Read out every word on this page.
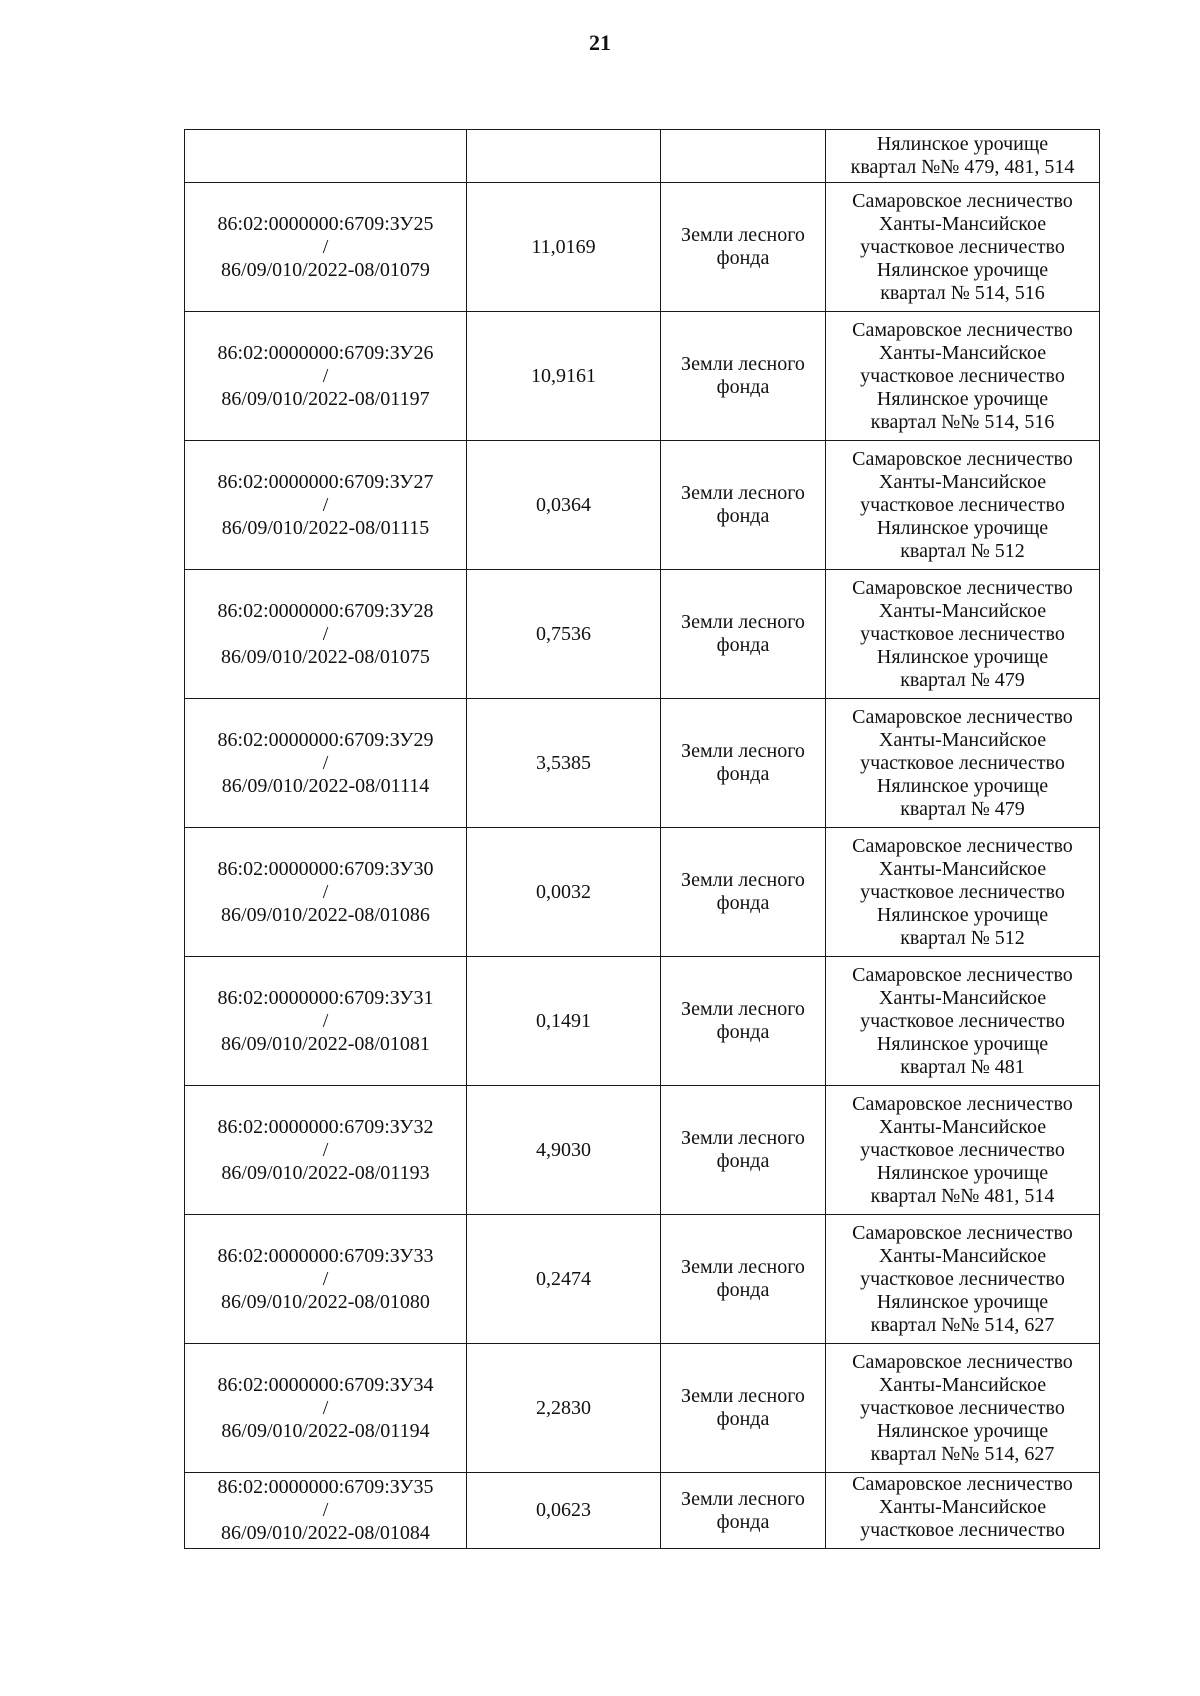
21

			Нялинское урочище
квартал №№ 479, 481, 514

86:02:0000000:6709:ЗУ25
/
86/09/010/2022-08/01079	11,0169	Земли лесного
фонда	Самаровское лесничество
Ханты-Мансийское
участковое лесничество
Нялинское урочище
квартал № 514, 516

86:02:0000000:6709:ЗУ26
/
86/09/010/2022-08/01197	10,9161	Земли лесного
фонда	Самаровское лесничество
Ханты-Мансийское
участковое лесничество
Нялинское урочище
квартал №№ 514, 516

86:02:0000000:6709:ЗУ27
/
86/09/010/2022-08/01115	0,0364	Земли лесного
фонда	Самаровское лесничество
Ханты-Мансийское
участковое лесничество
Нялинское урочище
квартал № 512

86:02:0000000:6709:ЗУ28
/
86/09/010/2022-08/01075	0,7536	Земли лесного
фонда	Самаровское лесничество
Ханты-Мансийское
участковое лесничество
Нялинское урочище
квартал № 479

86:02:0000000:6709:ЗУ29
/
86/09/010/2022-08/01114	3,5385	Земли лесного
фонда	Самаровское лесничество
Ханты-Мансийское
участковое лесничество
Нялинское урочище
квартал № 479

86:02:0000000:6709:ЗУ30
/
86/09/010/2022-08/01086	0,0032	Земли лесного
фонда	Самаровское лесничество
Ханты-Мансийское
участковое лесничество
Нялинское урочище
квартал № 512

86:02:0000000:6709:ЗУ31
/
86/09/010/2022-08/01081	0,1491	Земли лесного
фонда	Самаровское лесничество
Ханты-Мансийское
участковое лесничество
Нялинское урочище
квартал № 481

86:02:0000000:6709:ЗУ32
/
86/09/010/2022-08/01193	4,9030	Земли лесного
фонда	Самаровское лесничество
Ханты-Мансийское
участковое лесничество
Нялинское урочище
квартал №№ 481, 514

86:02:0000000:6709:ЗУ33
/
86/09/010/2022-08/01080	0,2474	Земли лесного
фонда	Самаровское лесничество
Ханты-Мансийское
участковое лесничество
Нялинское урочище
квартал №№ 514, 627

86:02:0000000:6709:ЗУ34
/
86/09/010/2022-08/01194	2,2830	Земли лесного
фонда	Самаровское лесничество
Ханты-Мансийское
участковое лесничество
Нялинское урочище
квартал №№ 514, 627

86:02:0000000:6709:ЗУ35
/
86/09/010/2022-08/01084	0,0623	Земли лесного
фонда	Самаровское лесничество
Ханты-Мансийское
участковое лесничество
